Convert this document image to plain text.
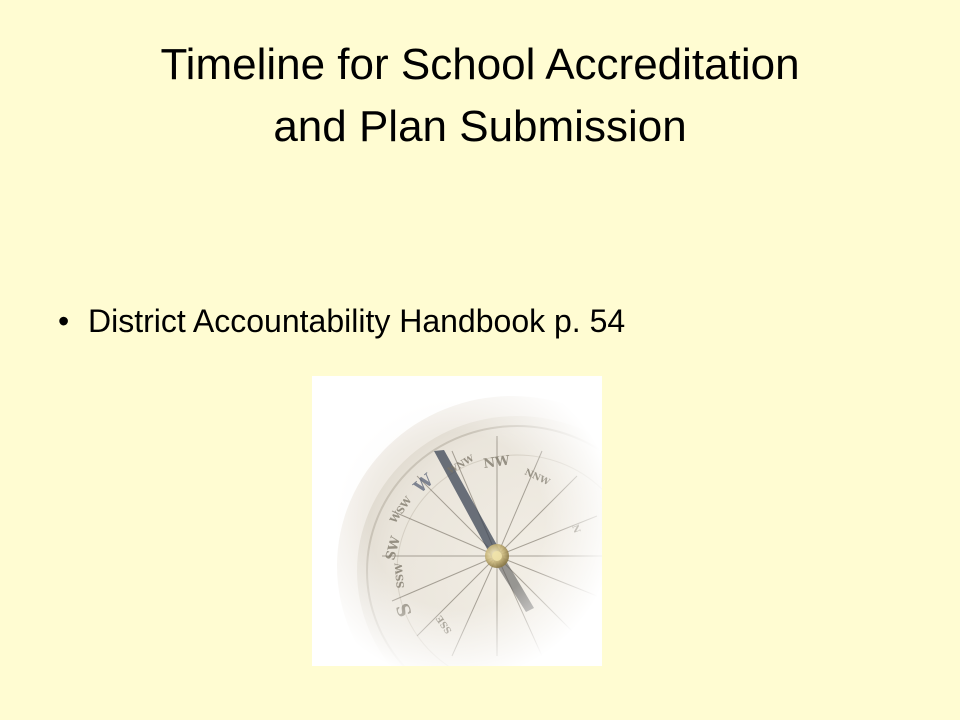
Timeline for School Accreditation
and Plan Submission
• District Accountability Handbook p. 54
